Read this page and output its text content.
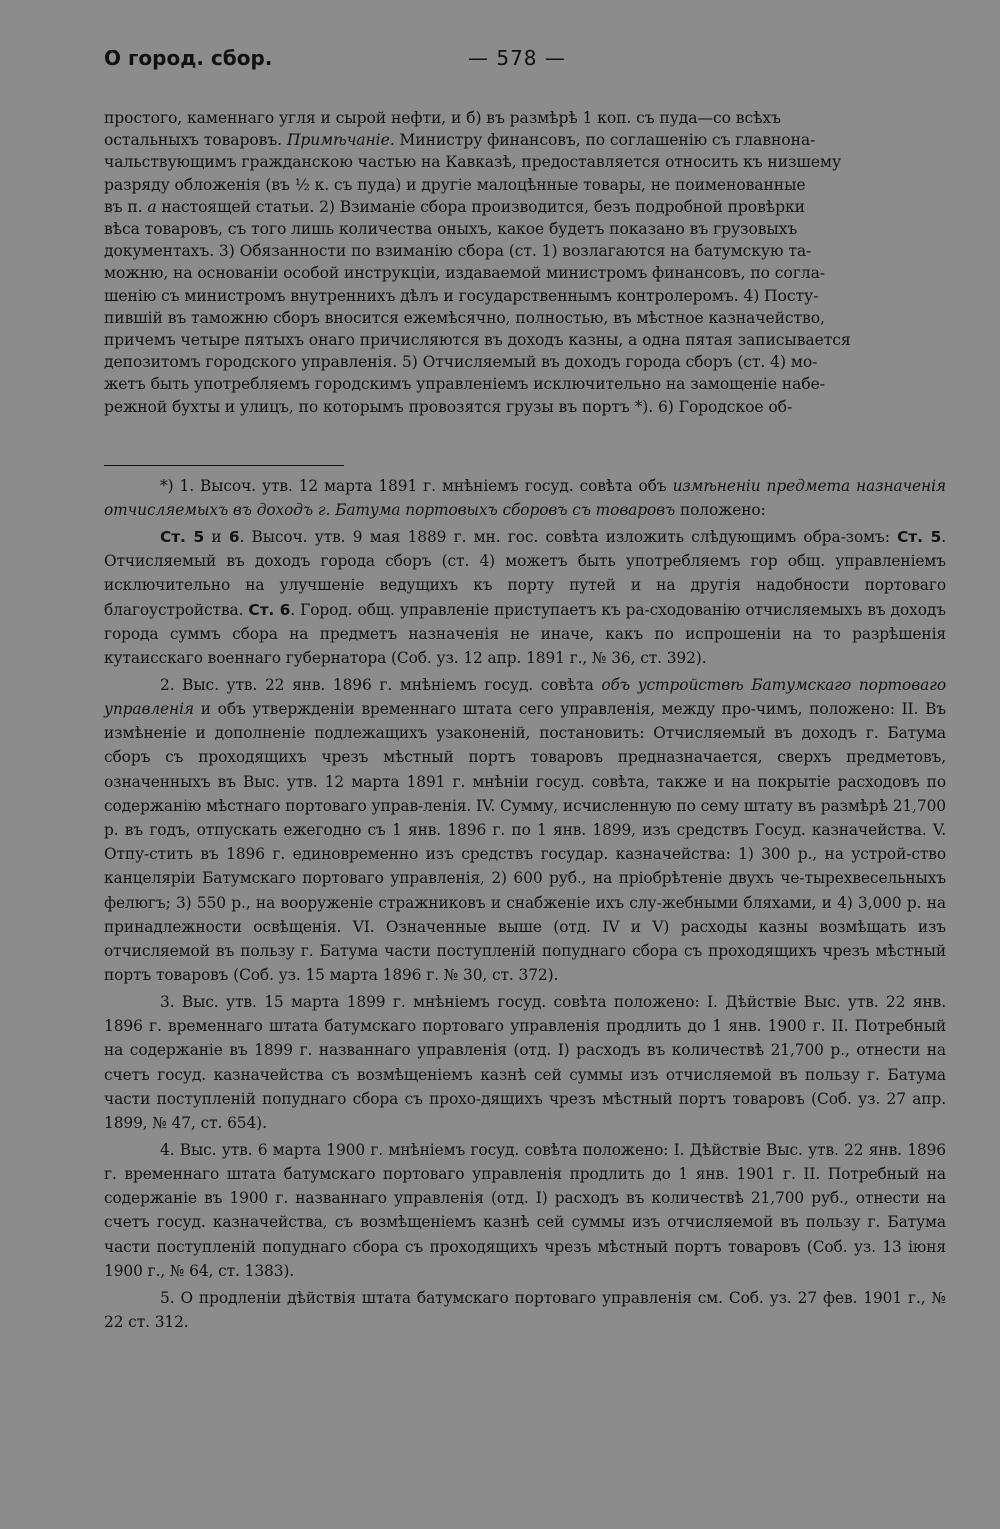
О город. сбор.	— 578 —

простого, каменнаго угля и сырой нефти, и б) въ размѣрѣ 1 коп. съ пуда—со всѣхъ

остальныхъ товаровъ. Примѣчаніе. Министру финансовъ, по соглашенію съ главнона-

чальствующимъ гражданскою частью на Кавказѣ, предоставляется относить къ низшему

разряду обложенія (въ ½ к. съ пуда) и другіе малоцѣнные товары, не поименованные

въ п. а настоящей статьи. 2) Взиманіе сбора производится, безъ подробной провѣрки

вѣса товаровъ, съ того лишь количества оныхъ, какое будетъ показано въ грузовыхъ

документахъ. 3) Обязанности по взиманію сбора (ст. 1) возлагаются на батумскую та-

можню, на основаніи особой инструкціи, издаваемой министромъ финансовъ, по согла-

шенію съ министромъ внутреннихъ дѣлъ и государственнымъ контролеромъ. 4) Посту-

пившій въ таможню сборъ вносится ежемѣсячно, полностью, въ мѣстное казначейство,

причемъ четыре пятыхъ онаго причисляются въ доходъ казны, а одна пятая записывается

депозитомъ городского управленія. 5) Отчисляемый въ доходъ города сборъ (ст. 4) мо-

жетъ быть употребляемъ городскимъ управленіемъ исключительно на замощеніе набе-

режной бухты и улицъ, по которымъ провозятся грузы въ портъ *). 6) Городское об-

*) 1. Высоч. утв. 12 марта 1891 г. мнѣніемъ госуд. совѣта объ измѣненіи предмета назначенія отчисляемыхъ въ доходъ г. Батума портовыхъ сборовъ съ товаровъ положено:

Ст. 5 и 6. Высоч. утв. 9 мая 1889 г. мн. гос. совѣта изложить слѣдующимъ обра-зомъ: Ст. 5. Отчисляемый въ доходъ города сборъ (ст. 4) можетъ быть употребляемъ гор общ. управленіемъ исключительно на улучшеніе ведущихъ къ порту путей и на другія надобности портоваго благоустройства. Ст. 6. Город. общ. управленіе приступаетъ къ ра-сходованію отчисляемыхъ въ доходъ города суммъ сбора на предметъ назначенія не иначе, какъ по испрошеніи на то разрѣшенія кутаисскаго военнаго губернатора (Соб. уз. 12 апр. 1891 г., № 36, ст. 392).

2. Выс. утв. 22 янв. 1896 г. мнѣніемъ госуд. совѣта объ устройствѣ Батумскаго портоваго управленія и объ утвержденіи временнаго штата сего управленія, между про-чимъ, положено: II. Въ измѣненіе и дополненіе подлежащихъ узаконеній, постановить: Отчисляемый въ доходъ г. Батума сборъ съ проходящихъ чрезъ мѣстный портъ товаровъ предназначается, сверхъ предметовъ, означенныхъ въ Выс. утв. 12 марта 1891 г. мнѣніи госуд. совѣта, также и на покрытіе расходовъ по содержанію мѣстнаго портоваго управ-ленія. IV. Сумму, исчисленную по сему штату въ размѣрѣ 21,700 р. въ годъ, отпускать ежегодно съ 1 янв. 1896 г. по 1 янв. 1899, изъ средствъ Госуд. казначейства. V. Отпу-стить въ 1896 г. единовременно изъ средствъ государ. казначейства: 1) 300 р., на устрой-ство канцеляріи Батумскаго портоваго управленія, 2) 600 руб., на пріобрѣтеніе двухъ че-тырехвесельныхъ фелюгъ; 3) 550 р., на вооруженіе стражниковъ и снабженіе ихъ слу-жебными бляхами, и 4) 3,000 р. на принадлежности освѣщенія. VI. Означенные выше (отд. IV и V) расходы казны возмѣщать изъ отчисляемой въ пользу г. Батума части поступленій попуднаго сбора съ проходящихъ чрезъ мѣстный портъ товаровъ (Соб. уз. 15 марта 1896 г. № 30, ст. 372).

3. Выс. утв. 15 марта 1899 г. мнѣніемъ госуд. совѣта положено: I. Дѣйствіе Выс. утв. 22 янв. 1896 г. временнаго штата батумскаго портоваго управленія продлить до 1 янв. 1900 г. II. Потребный на содержаніе въ 1899 г. названнаго управленія (отд. I) расходъ въ количествѣ 21,700 р., отнести на счетъ госуд. казначейства съ возмѣщеніемъ казнѣ сей суммы изъ отчисляемой въ пользу г. Батума части поступленій попуднаго сбора съ прохо-дящихъ чрезъ мѣстный портъ товаровъ (Соб. уз. 27 апр. 1899, № 47, ст. 654).

4. Выс. утв. 6 марта 1900 г. мнѣніемъ госуд. совѣта положено: I. Дѣйствіе Выс. утв. 22 янв. 1896 г. временнаго штата батумскаго портоваго управленія продлить до 1 янв. 1901 г. II. Потребный на содержаніе въ 1900 г. названнаго управленія (отд. I) расходъ въ количествѣ 21,700 руб., отнести на счетъ госуд. казначейства, съ возмѣщеніемъ казнѣ сей суммы изъ отчисляемой въ пользу г. Батума части поступленій попуднаго сбора съ проходящихъ чрезъ мѣстный портъ товаровъ (Соб. уз. 13 іюня 1900 г., № 64, ст. 1383).

5. О продленіи дѣйствія штата батумскаго портоваго управленія см. Соб. уз. 27 фев. 1901 г., № 22 ст. 312.
